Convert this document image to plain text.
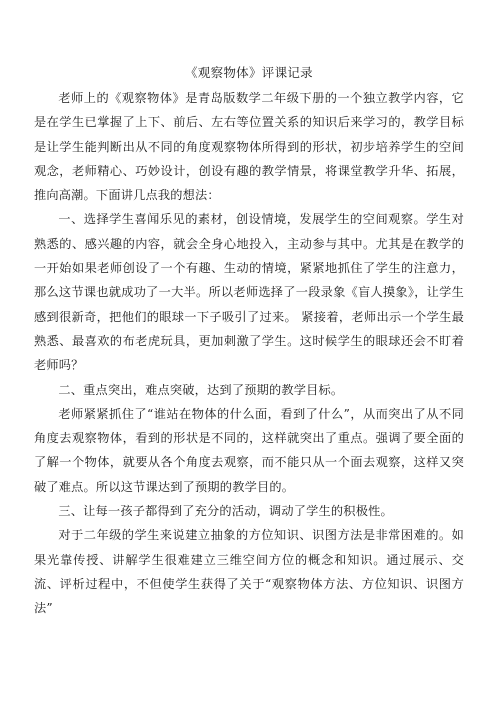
《观察物体》评课记录

老师上的《观察物体》是青岛版数学二年级下册的一个独立教学内容，它是在学生已掌握了上下、前后、左右等位置关系的知识后来学习的，教学目标是让学生能判断出从不同的角度观察物体所得到的形状，初步培养学生的空间观念，老师精心、巧妙设计，创设有趣的教学情景，将课堂教学升华、拓展，推向高潮。下面讲几点我的想法：

一、选择学生喜闻乐见的素材，创设情境，发展学生的空间观察。学生对熟悉的、感兴趣的内容，就会全身心地投入，主动参与其中。尤其是在教学的一开始如果老师创设了一个有趣、生动的情境，紧紧地抓住了学生的注意力，那么这节课也就成功了一大半。所以老师选择了一段录象《盲人摸象》，让学生感到很新奇，把他们的眼球一下子吸引了过来。 紧接着，老师出示一个学生最熟悉、最喜欢的布老虎玩具，更加刺激了学生。这时候学生的眼球还会不盯着老师吗？

二、重点突出，难点突破，达到了预期的教学目标。

老师紧紧抓住了“谁站在物体的什么面，看到了什么”，从而突出了从不同角度去观察物体，看到的形状是不同的，这样就突出了重点。强调了要全面的了解一个物体，就要从各个角度去观察，而不能只从一个面去观察，这样又突破了难点。所以这节课达到了预期的教学目的。

三、让每一孩子都得到了充分的活动，调动了学生的积极性。

对于二年级的学生来说建立抽象的方位知识、识图方法是非常困难的。如果光靠传授、讲解学生很难建立三维空间方位的概念和知识。通过展示、交流、评析过程中，不但使学生获得了关于“观察物体方法、方位知识、识图方法”
